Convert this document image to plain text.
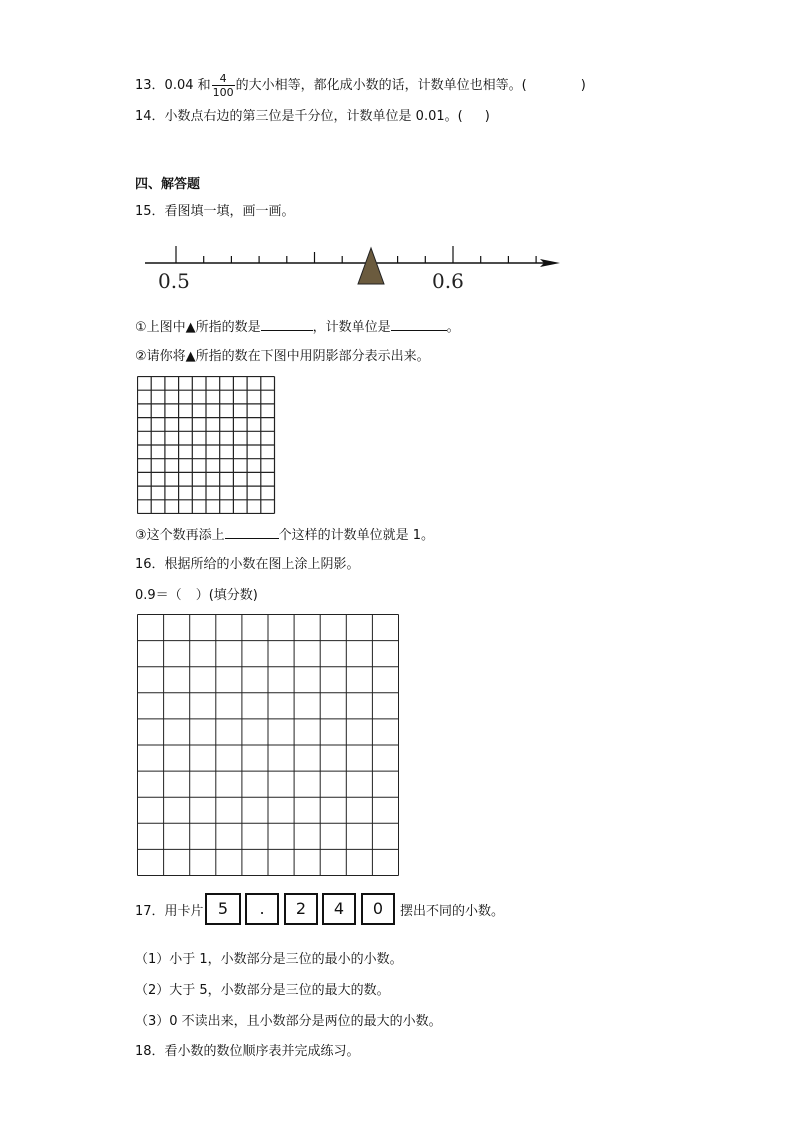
13．0.04 和 $\frac{4}{100}$ 的大小相等，都化成小数的话，计数单位也相等。(	)
14．小数点右边的第三位是千分位，计数单位是 0.01。( )
四、解答题
15．看图填一填，画一画。
0.5	0.6
①上图中▲所指的数是	，计数单位是	。
②请你将▲所指的数在下图中用阴影部分表示出来。
③这个数再添上	个这样的计数单位就是 1。
16．根据所给的小数在图上涂上阴影。
0.9＝（ ）(填分数)
17．用卡片 5	.	2	4	0	摆出不同的小数。
（1）小于 1，小数部分是三位的最小的小数。
（2）大于 5，小数部分是三位的最大的数。
（3）0 不读出来，且小数部分是两位的最大的小数。
18．看小数的数位顺序表并完成练习。
